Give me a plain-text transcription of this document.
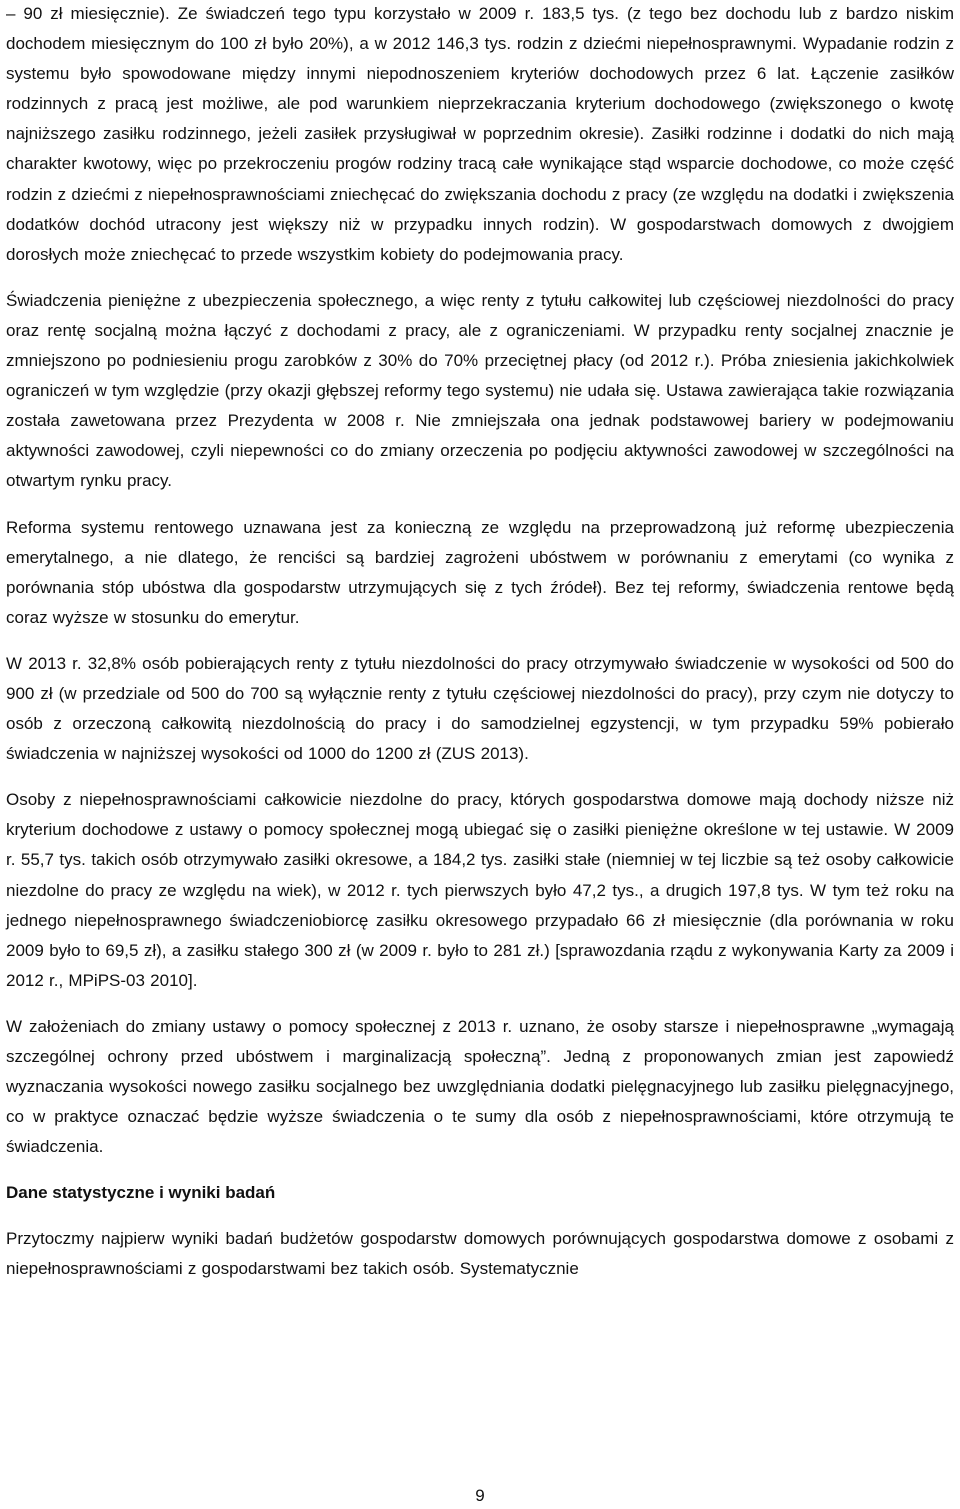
– 90 zł miesięcznie). Ze świadczeń tego typu korzystało w 2009 r. 183,5 tys. (z tego bez dochodu lub z bardzo niskim dochodem miesięcznym do 100 zł było 20%), a w 2012 146,3 tys. rodzin z dziećmi niepełnosprawnymi. Wypadanie rodzin z systemu było spowodowane między innymi niepodnoszeniem kryteriów dochodowych przez 6 lat. Łączenie zasiłków rodzinnych z pracą jest możliwe, ale pod warunkiem nieprzekraczania kryterium dochodowego (zwiększonego o kwotę najniższego zasiłku rodzinnego, jeżeli zasiłek przysługiwał w poprzednim okresie). Zasiłki rodzinne i dodatki do nich mają charakter kwotowy, więc po przekroczeniu progów rodziny tracą całe wynikające stąd wsparcie dochodowe, co może część rodzin z dziećmi z niepełnosprawnościami zniechęcać do zwiększania dochodu z pracy (ze względu na dodatki i zwiększenia dodatków dochód utracony jest większy niż w przypadku innych rodzin). W gospodarstwach domowych z dwojgiem dorosłych może zniechęcać to przede wszystkim kobiety do podejmowania pracy.

Świadczenia pieniężne z ubezpieczenia społecznego, a więc renty z tytułu całkowitej lub częściowej niezdolności do pracy oraz rentę socjalną można łączyć z dochodami z pracy, ale z ograniczeniami. W przypadku renty socjalnej znacznie je zmniejszono po podniesieniu progu zarobków z 30% do 70% przeciętnej płacy (od 2012 r.). Próba zniesienia jakichkolwiek ograniczeń w tym względzie (przy okazji głębszej reformy tego systemu) nie udała się. Ustawa zawierająca takie rozwiązania została zawetowana przez Prezydenta w 2008 r. Nie zmniejszała ona jednak podstawowej bariery w podejmowaniu aktywności zawodowej, czyli niepewności co do zmiany orzeczenia po podjęciu aktywności zawodowej w szczególności na otwartym rynku pracy.

Reforma systemu rentowego uznawana jest za konieczną ze względu na przeprowadzoną już reformę ubezpieczenia emerytalnego, a nie dlatego, że renciści są bardziej zagrożeni ubóstwem w porównaniu z emerytami (co wynika z porównania stóp ubóstwa dla gospodarstw utrzymujących się z tych źródeł). Bez tej reformy, świadczenia rentowe będą coraz wyższe w stosunku do emerytur.

W 2013 r. 32,8% osób pobierających renty z tytułu niezdolności do pracy otrzymywało świadczenie w wysokości od 500 do 900 zł (w przedziale od 500 do 700 są wyłącznie renty z tytułu częściowej niezdolności do pracy), przy czym nie dotyczy to osób z orzeczoną całkowitą niezdolnością do pracy i do samodzielnej egzystencji, w tym przypadku 59% pobierało świadczenia w najniższej wysokości od 1000 do 1200 zł (ZUS 2013).

Osoby z niepełnosprawnościami całkowicie niezdolne do pracy, których gospodarstwa domowe mają dochody niższe niż kryterium dochodowe z ustawy o pomocy społecznej mogą ubiegać się o zasiłki pieniężne określone w tej ustawie. W 2009 r. 55,7 tys. takich osób otrzymywało zasiłki okresowe, a 184,2 tys. zasiłki stałe (niemniej w tej liczbie są też osoby całkowicie niezdolne do pracy ze względu na wiek), w 2012 r. tych pierwszych było 47,2 tys., a drugich 197,8 tys. W tym też roku na jednego niepełnosprawnego świadczeniobiorcę zasiłku okresowego przypadało 66 zł miesięcznie (dla porównania w roku 2009 było to 69,5 zł), a zasiłku stałego 300 zł (w 2009 r. było to 281 zł.) [sprawozdania rządu z wykonywania Karty za 2009 i 2012 r., MPiPS-03 2010].

W założeniach do zmiany ustawy o pomocy społecznej z 2013 r. uznano, że osoby starsze i niepełnosprawne „wymagają szczególnej ochrony przed ubóstwem i marginalizacją społeczną”. Jedną z proponowanych zmian jest zapowiedź wyznaczania wysokości nowego zasiłku socjalnego bez uwzględniania dodatki pielęgnacyjnego lub zasiłku pielęgnacyjnego, co w praktyce oznaczać będzie wyższe świadczenia o te sumy dla osób z niepełnosprawnościami, które otrzymują te świadczenia.

Dane statystyczne i wyniki badań

Przytoczmy najpierw wyniki badań budżetów gospodarstw domowych porównujących gospodarstwa domowe z osobami z niepełnosprawnościami z gospodarstwami bez takich osób. Systematycznie

9
